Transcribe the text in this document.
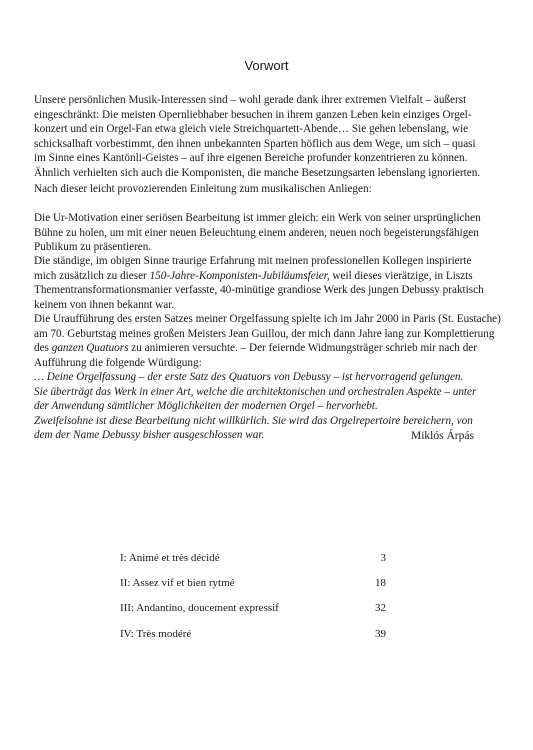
Vorwort
Unsere persönlichen Musik-Interessen sind – wohl gerade dank ihrer extremen Vielfalt – äußerst
eingeschränkt: Die meisten Opernliebhaber besuchen in ihrem ganzen Leben kein einziges Orgel-
konzert und ein Orgel-Fan etwa gleich viele Streichquartett-Abende… Sie gehen lebenslang, wie
schicksalhaft vorbestimmt, den ihnen unbekannten Sparten höflich aus dem Wege, um sich – quasi
im Sinne eines Kantönli-Geistes – auf ihre eigenen Bereiche profunder konzentrieren zu können.
Ähnlich verhielten sich auch die Komponisten, die manche Besetzungsarten lebenslang ignorierten.
Nach dieser leicht provozierenden Einleitung zum musikalischen Anliegen:
Die Ur-Motivation einer seriösen Bearbeitung ist immer gleich: ein Werk von seiner ursprünglichen
Bühne zu holen, um mit einer neuen Beleuchtung einem anderen, neuen noch begeisterungsfähigen
Publikum zu präsentieren.
Die ständige, im obigen Sinne traurige Erfahrung mit meinen professionellen Kollegen inspirierte
mich zusätzlich zu dieser 150-Jahre-Komponisten-Jubiläumsfeier, weil dieses vierätzige, in Liszts
Thementransformationsmanier verfasste, 40-minütige grandiose Werk des jungen Debussy praktisch
keinem von ihnen bekannt war.
Die Uraufführung des ersten Satzes meiner Orgelfassung spielte ich im Jahr 2000 in Paris (St. Eustache)
am 70. Geburtstag meines großen Meisters Jean Guillou, der mich dann Jahre lang zur Komplettierung
des ganzen Quatuors zu animieren versuchte. – Der feiernde Widmungsträger schrieb mir nach der
Aufführung die folgende Würdigung:
… Deine Orgelfassung – der erste Satz des Quatuors von Debussy – ist hervorragend gelungen.
Sie überträgt das Werk in einer Art, welche die architektonischen und orchestralen Aspekte – unter
der Anwendung sämtlicher Möglichkeiten der modernen Orgel – hervorhebt.
Zweifelsohne ist diese Bearbeitung nicht willkürlich. Sie wird das Orgelrepertoire bereichern, von
dem der Name Debussy bisher ausgeschlossen war.	Miklós Árpás
I: Animé et très décidé	3
II: Assez vif et bien rytmé	18
III: Andantino, doucement expressif	32
IV: Très modéré	39
